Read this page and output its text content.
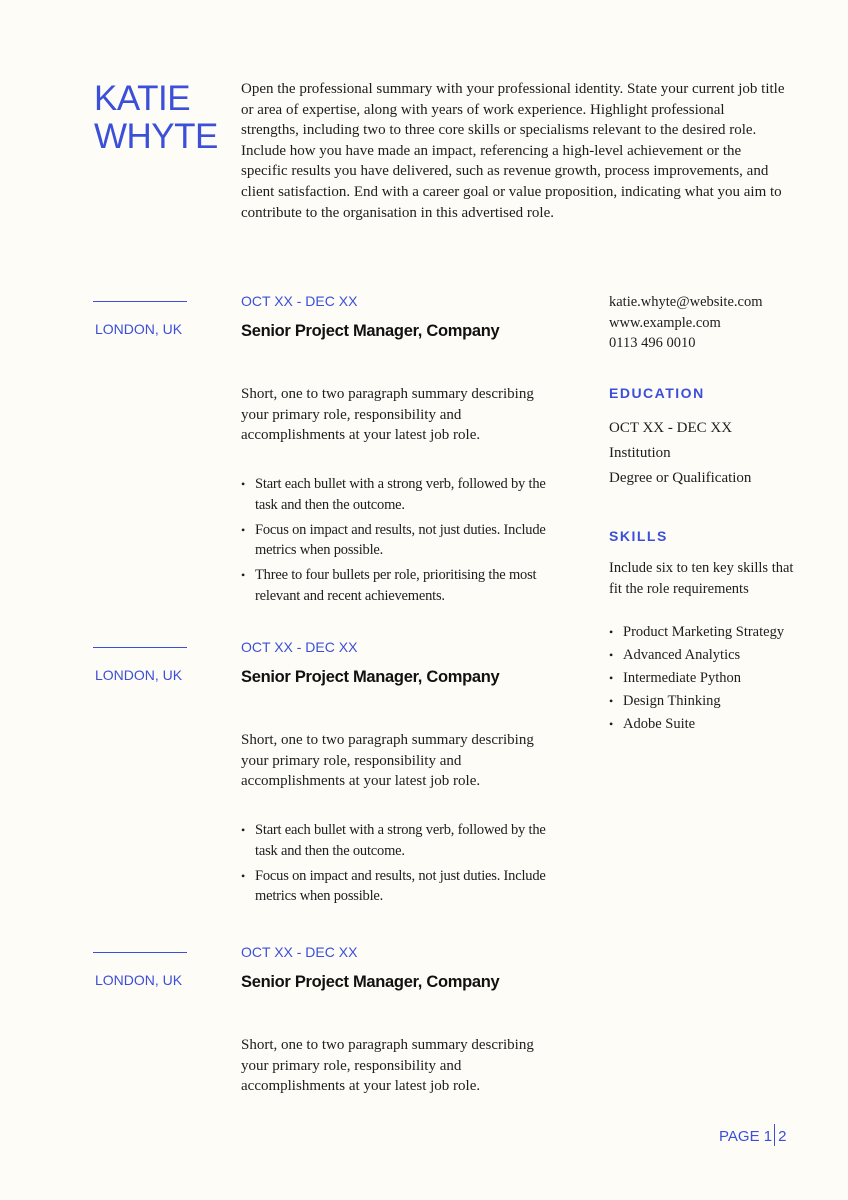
KATIE
WHYTE
Open the professional summary with your professional identity. State your current job title or area of expertise, along with years of work experience. Highlight professional strengths, including two to three core skills or specialisms relevant to the desired role. Include how you have made an impact, referencing a high-level achievement or the specific results you have delivered, such as revenue growth, process improvements, and client satisfaction. End with a career goal or value proposition, indicating what you aim to contribute to the organisation in this advertised role.
LONDON, UK
OCT XX - DEC XX
Senior Project Manager, Company
Short, one to two paragraph summary describing your primary role, responsibility and accomplishments at your latest job role.
• Start each bullet with a strong verb, followed by the task and then the outcome.
• Focus on impact and results, not just duties. Include metrics when possible.
• Three to four bullets per role, prioritising the most relevant and recent achievements.
LONDON, UK
OCT XX - DEC XX
Senior Project Manager, Company
Short, one to two paragraph summary describing your primary role, responsibility and accomplishments at your latest job role.
• Start each bullet with a strong verb, followed by the task and then the outcome.
• Focus on impact and results, not just duties. Include metrics when possible.
LONDON, UK
OCT XX - DEC XX
Senior Project Manager, Company
Short, one to two paragraph summary describing your primary role, responsibility and accomplishments at your latest job role.
katie.whyte@website.com
www.example.com
0113 496 0010
EDUCATION
OCT XX - DEC XX
Institution
Degree or Qualification
SKILLS
Include six to ten key skills that fit the role requirements
• Product Marketing Strategy
• Advanced Analytics
• Intermediate Python
• Design Thinking
• Adobe Suite
PAGE 1 2
